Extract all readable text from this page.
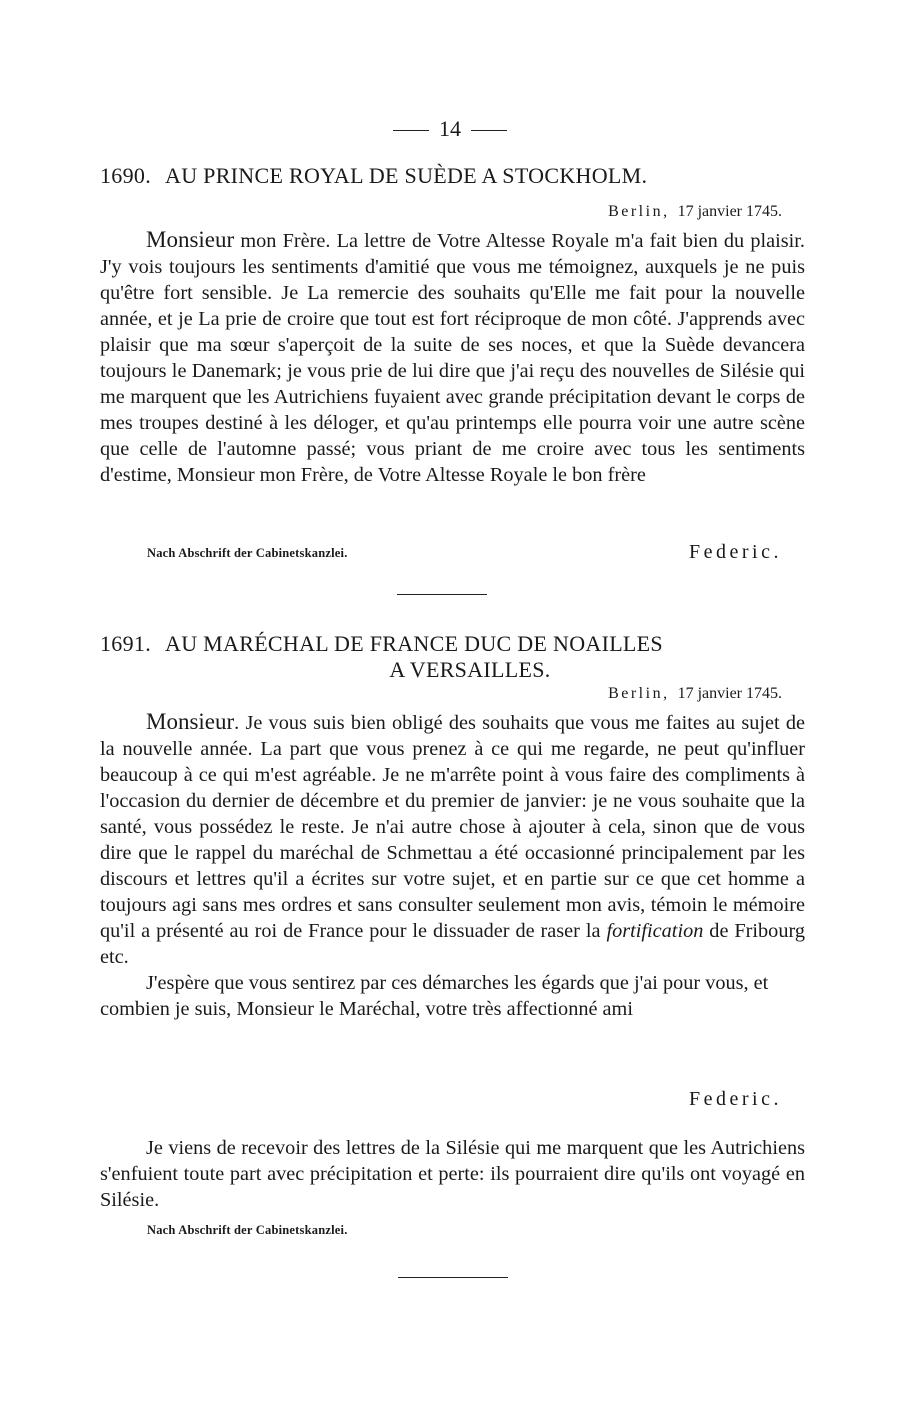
14
1690. AU PRINCE ROYAL DE SUÈDE A STOCKHOLM.
Berlin, 17 janvier 1745.

Monsieur mon Frère. La lettre de Votre Altesse Royale m'a fait bien du plaisir. J'y vois toujours les sentiments d'amitié que vous me témoignez, auxquels je ne puis qu'être fort sensible. Je La remercie des souhaits qu'Elle me fait pour la nouvelle année, et je La prie de croire que tout est fort réciproque de mon côté. J'apprends avec plaisir que ma sœur s'aperçoit de la suite de ses noces, et que la Suède devancera toujours le Danemark; je vous prie de lui dire que j'ai reçu des nouvelles de Silésie qui me marquent que les Autrichiens fuyaient avec grande précipitation devant le corps de mes troupes destiné à les déloger, et qu'au printemps elle pourra voir une autre scène que celle de l'automne passé; vous priant de me croire avec tous les sentiments d'estime, Monsieur mon Frère, de Votre Altesse Royale le bon frère

Nach Abschrift der Cabinetskanzlei.	Federic.
1691. AU MARÉCHAL DE FRANCE DUC DE NOAILLES
A VERSAILLES.
Berlin, 17 janvier 1745.

Monsieur. Je vous suis bien obligé des souhaits que vous me faites au sujet de la nouvelle année. La part que vous prenez à ce qui me regarde, ne peut qu'influer beaucoup à ce qui m'est agréable. Je ne m'arrête point à vous faire des compliments à l'occasion du dernier de décembre et du premier de janvier: je ne vous souhaite que la santé, vous possédez le reste. Je n'ai autre chose à ajouter à cela, sinon que de vous dire que le rappel du maréchal de Schmettau a été occasionné principalement par les discours et lettres qu'il a écrites sur votre sujet, et en partie sur ce que cet homme a toujours agi sans mes ordres et sans consulter seulement mon avis, témoin le mémoire qu'il a présenté au roi de France pour le dissuader de raser la fortification de Fribourg etc.

J'espère que vous sentirez par ces démarches les égards que j'ai pour vous, et combien je suis, Monsieur le Maréchal, votre très affectionné ami

Federic.

Je viens de recevoir des lettres de la Silésie qui me marquent que les Autrichiens s'enfuient toute part avec précipitation et perte: ils pourraient dire qu'ils ont voyagé en Silésie.

Nach Abschrift der Cabinetskanzlei.
